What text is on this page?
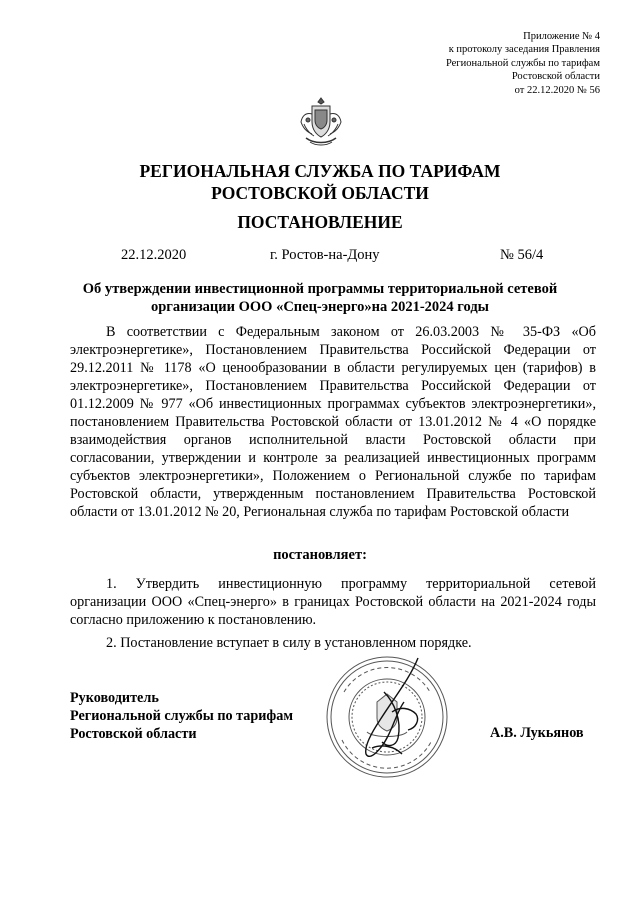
Приложение № 4
к протоколу заседания Правления
Региональной службы по тарифам
Ростовской области
от 22.12.2020 № 56
РЕГИОНАЛЬНАЯ СЛУЖБА ПО ТАРИФАМ
РОСТОВСКОЙ ОБЛАСТИ
ПОСТАНОВЛЕНИЕ
22.12.2020	г. Ростов-на-Дону	№ 56/4
Об утверждении инвестиционной программы территориальной сетевой организации ООО «Спец-энерго»на 2021-2024 годы

В соответствии с Федеральным законом от 26.03.2003 № 35-ФЗ «Об электроэнергетике», Постановлением Правительства Российской Федерации от 29.12.2011 № 1178 «О ценообразовании в области регулируемых цен (тарифов) в электроэнергетике», Постановлением Правительства Российской Федерации от 01.12.2009 № 977 «Об инвестиционных программах субъектов электроэнергетики», постановлением Правительства Ростовской области от 13.01.2012 № 4 «О порядке взаимодействия органов исполнительной власти Ростовской области при согласовании, утверждении и контроле за реализацией инвестиционных программ субъектов электроэнергетики», Положением о Региональной службе по тарифам Ростовской области, утвержденным постановлением Правительства Ростовской области от 13.01.2012 № 20, Региональная служба по тарифам Ростовской области

постановляет:

1. Утвердить инвестиционную программу территориальной сетевой организации ООО «Спец-энерго» в границах Ростовской области на 2021-2024 годы согласно приложению к постановлению.

2. Постановление вступает в силу в установленном порядке.

Руководитель
Региональной службы по тарифам
Ростовской области	А.В. Лукьянов
